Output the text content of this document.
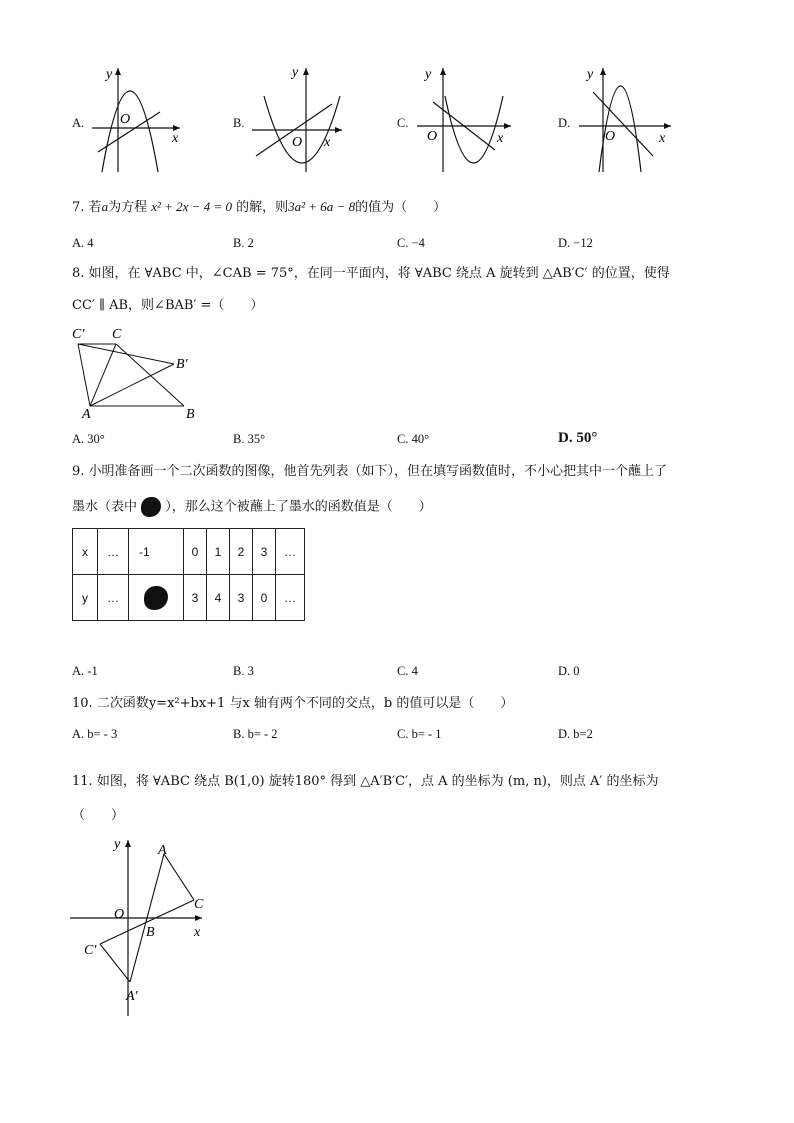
A.
y
x
O	B.
y
x
O
C.
y
x
O
D.
y
x
O
7. 若a为方程 x² + 2x − 4 = 0 的解，则3a² + 6a − 8的值为（　　）
A. 4	B. 2	C. −4	D. −12
8. 如图，在 ∀ABC 中，∠CAB = 75°，在同一平面内，将 ∀ABC 绕点 A 旋转到 △AB′C′ 的位置，使得
CC′ ∥ AB，则∠BAB′ =（　　）
C′ C
B′
A	B
A. 30°	B. 35°	C. 40°	D. 50°
9. 小明准备画一个二次函数的图像，他首先列表（如下），但在填写函数值时，不小心把其中一个蘸上了
墨水（表中 ），那么这个被蘸上了墨水的函数值是（　　）
x	…	-1	0	1	2	3	…
y	…		3	4	3	0	…
A. -1	B. 3	C. 4	D. 0
10. 二次函数y=x²+bx+1 与x 轴有两个不同的交点，b 的值可以是（　　）
A. b= - 3	B. b= - 2	C. b= - 1	D. b=2
11. 如图，将 ∀ABC 绕点 B(1,0) 旋转180° 得到 △A′B′C′，点 A 的坐标为 (m, n)，则点 A′ 的坐标为
（　　）
y	A
O
C
B	x
C′
A′
